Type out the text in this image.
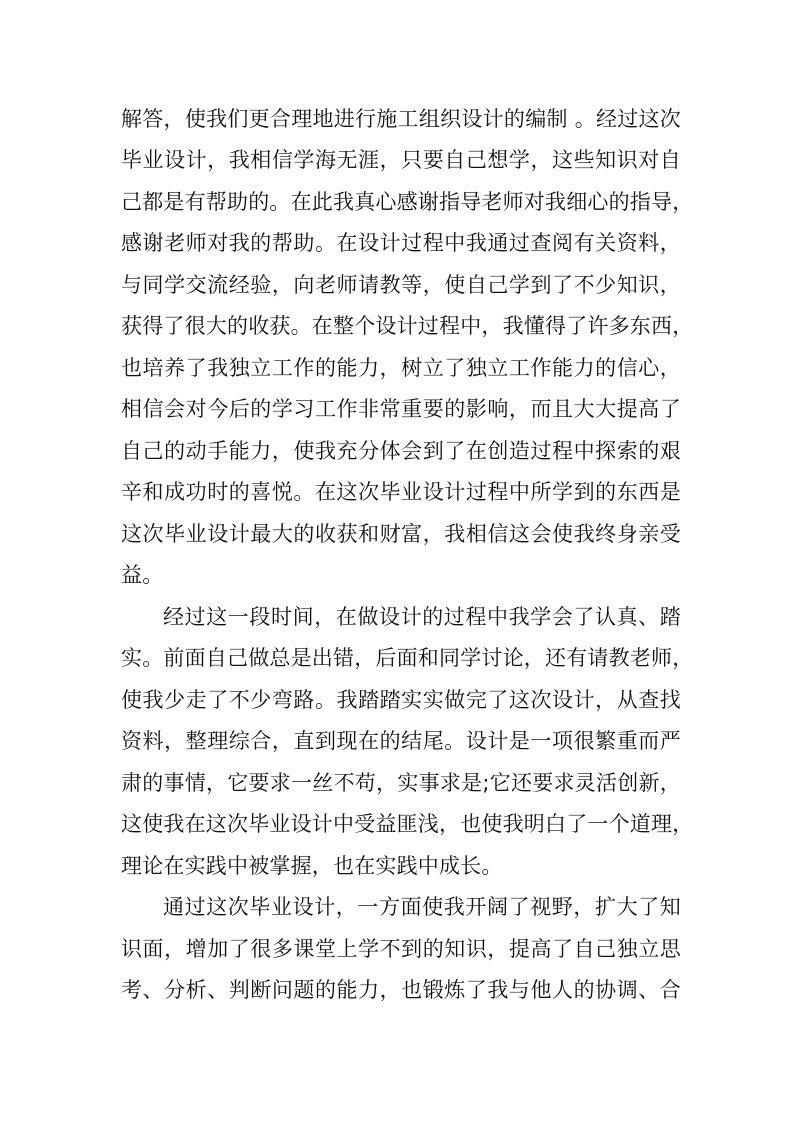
解答，使我们更合理地进行施工组织设计的编制 。经过这次
毕业设计，我相信学海无涯，只要自己想学，这些知识对自
己都是有帮助的。在此我真心感谢指导老师对我细心的指导，
感谢老师对我的帮助。在设计过程中我通过查阅有关资料，
与同学交流经验，向老师请教等，使自己学到了不少知识，
获得了很大的收获。在整个设计过程中，我懂得了许多东西，
也培养了我独立工作的能力，树立了独立工作能力的信心，
相信会对今后的学习工作非常重要的影响，而且大大提高了
自己的动手能力，使我充分体会到了在创造过程中探索的艰
辛和成功时的喜悦。在这次毕业设计过程中所学到的东西是
这次毕业设计最大的收获和财富，我相信这会使我终身亲受
益。
经过这一段时间，在做设计的过程中我学会了认真、踏
实。前面自己做总是出错，后面和同学讨论，还有请教老师，
使我少走了不少弯路。我踏踏实实做完了这次设计，从查找
资料，整理综合，直到现在的结尾。设计是一项很繁重而严
肃的事情，它要求一丝不苟，实事求是;它还要求灵活创新，
这使我在这次毕业设计中受益匪浅，也使我明白了一个道理，
理论在实践中被掌握，也在实践中成长。
通过这次毕业设计，一方面使我开阔了视野，扩大了知
识面，增加了很多课堂上学不到的知识，提高了自己独立思
考、分析、判断问题的能力，也锻炼了我与他人的协调、合
